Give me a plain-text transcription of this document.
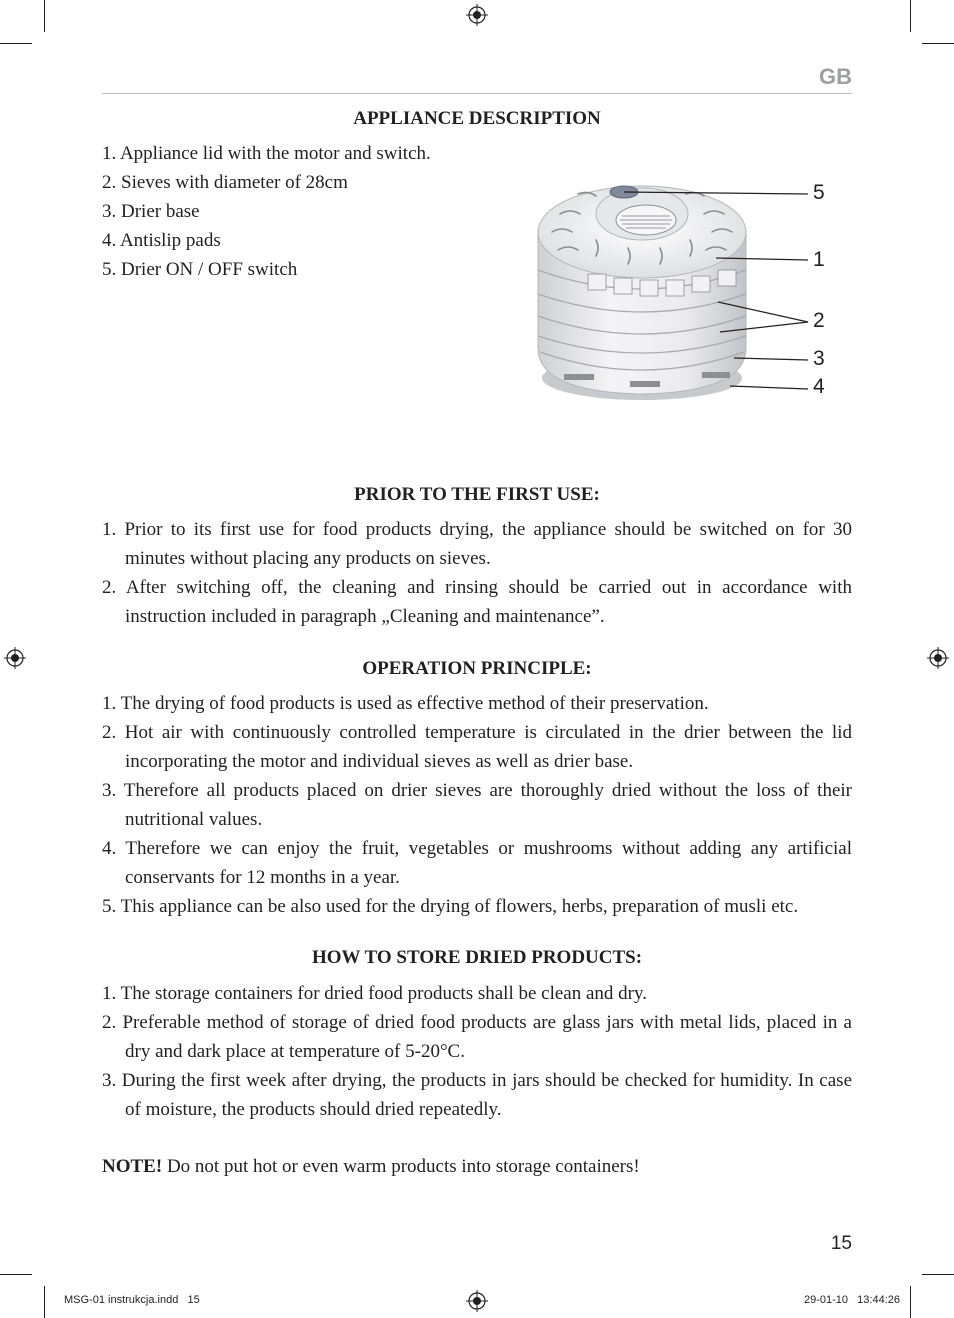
GB
APPLIANCE DESCRIPTION
1. Appliance lid with the motor and switch.
2. Sieves with diameter of 28cm
3. Drier base
4. Antislip pads
5. Drier ON / OFF switch
5
1
2
3
4
PRIOR TO THE FIRST USE:
1. Prior to its first use for food products drying, the appliance should be switched on for 30 minutes without placing any products on sieves.
2. After switching off, the cleaning and rinsing should be carried out in accordance with instruction included in paragraph „Cleaning and maintenance”.
OPERATION PRINCIPLE:
1. The drying of food products is used as effective method of their preservation.
2. Hot air with continuously controlled temperature is circulated in the drier between the lid incorporating the motor and individual sieves as well as drier base.
3. Therefore all products placed on drier sieves are thoroughly dried without the loss of their nutritional values.
4. Therefore we can enjoy the fruit, vegetables or mushrooms without adding any artificial conservants for 12 months in a year.
5. This appliance can be also used for the drying of flowers, herbs, preparation of musli etc.
HOW TO STORE DRIED PRODUCTS:
1. The storage containers for dried food products shall be clean and dry.
2. Preferable method of storage of dried food products are glass jars with metal lids, placed in a dry and dark place at temperature of 5-20°C.
3. During the first week after drying, the products in jars should be checked for humidity. In case of moisture, the products should dried repeatedly.
NOTE! Do not put hot or even warm products into storage containers!
15
MSG-01 instrukcja.indd   15	29-01-10   13:44:26
